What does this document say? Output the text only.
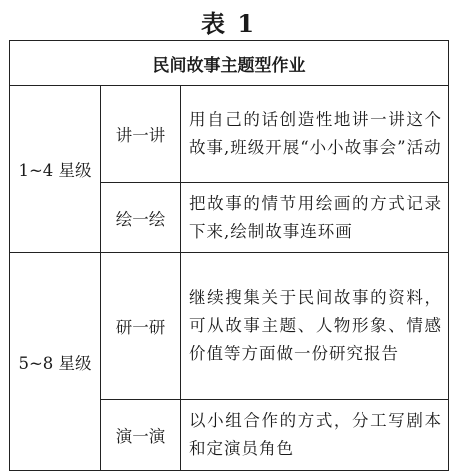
表 1
民间故事主题型作业		
1~4 星级	讲一讲	用自己的话创造性地讲一讲这个故事,班级开展“小小故事会”活动
	绘一绘	把故事的情节用绘画的方式记录下来,绘制故事连环画
5~8 星级	研一研	继续搜集关于民间故事的资料，可从故事主题、人物形象、情感价值等方面做一份研究报告
	演一演	以小组合作的方式，分工写剧本和定演员角色
